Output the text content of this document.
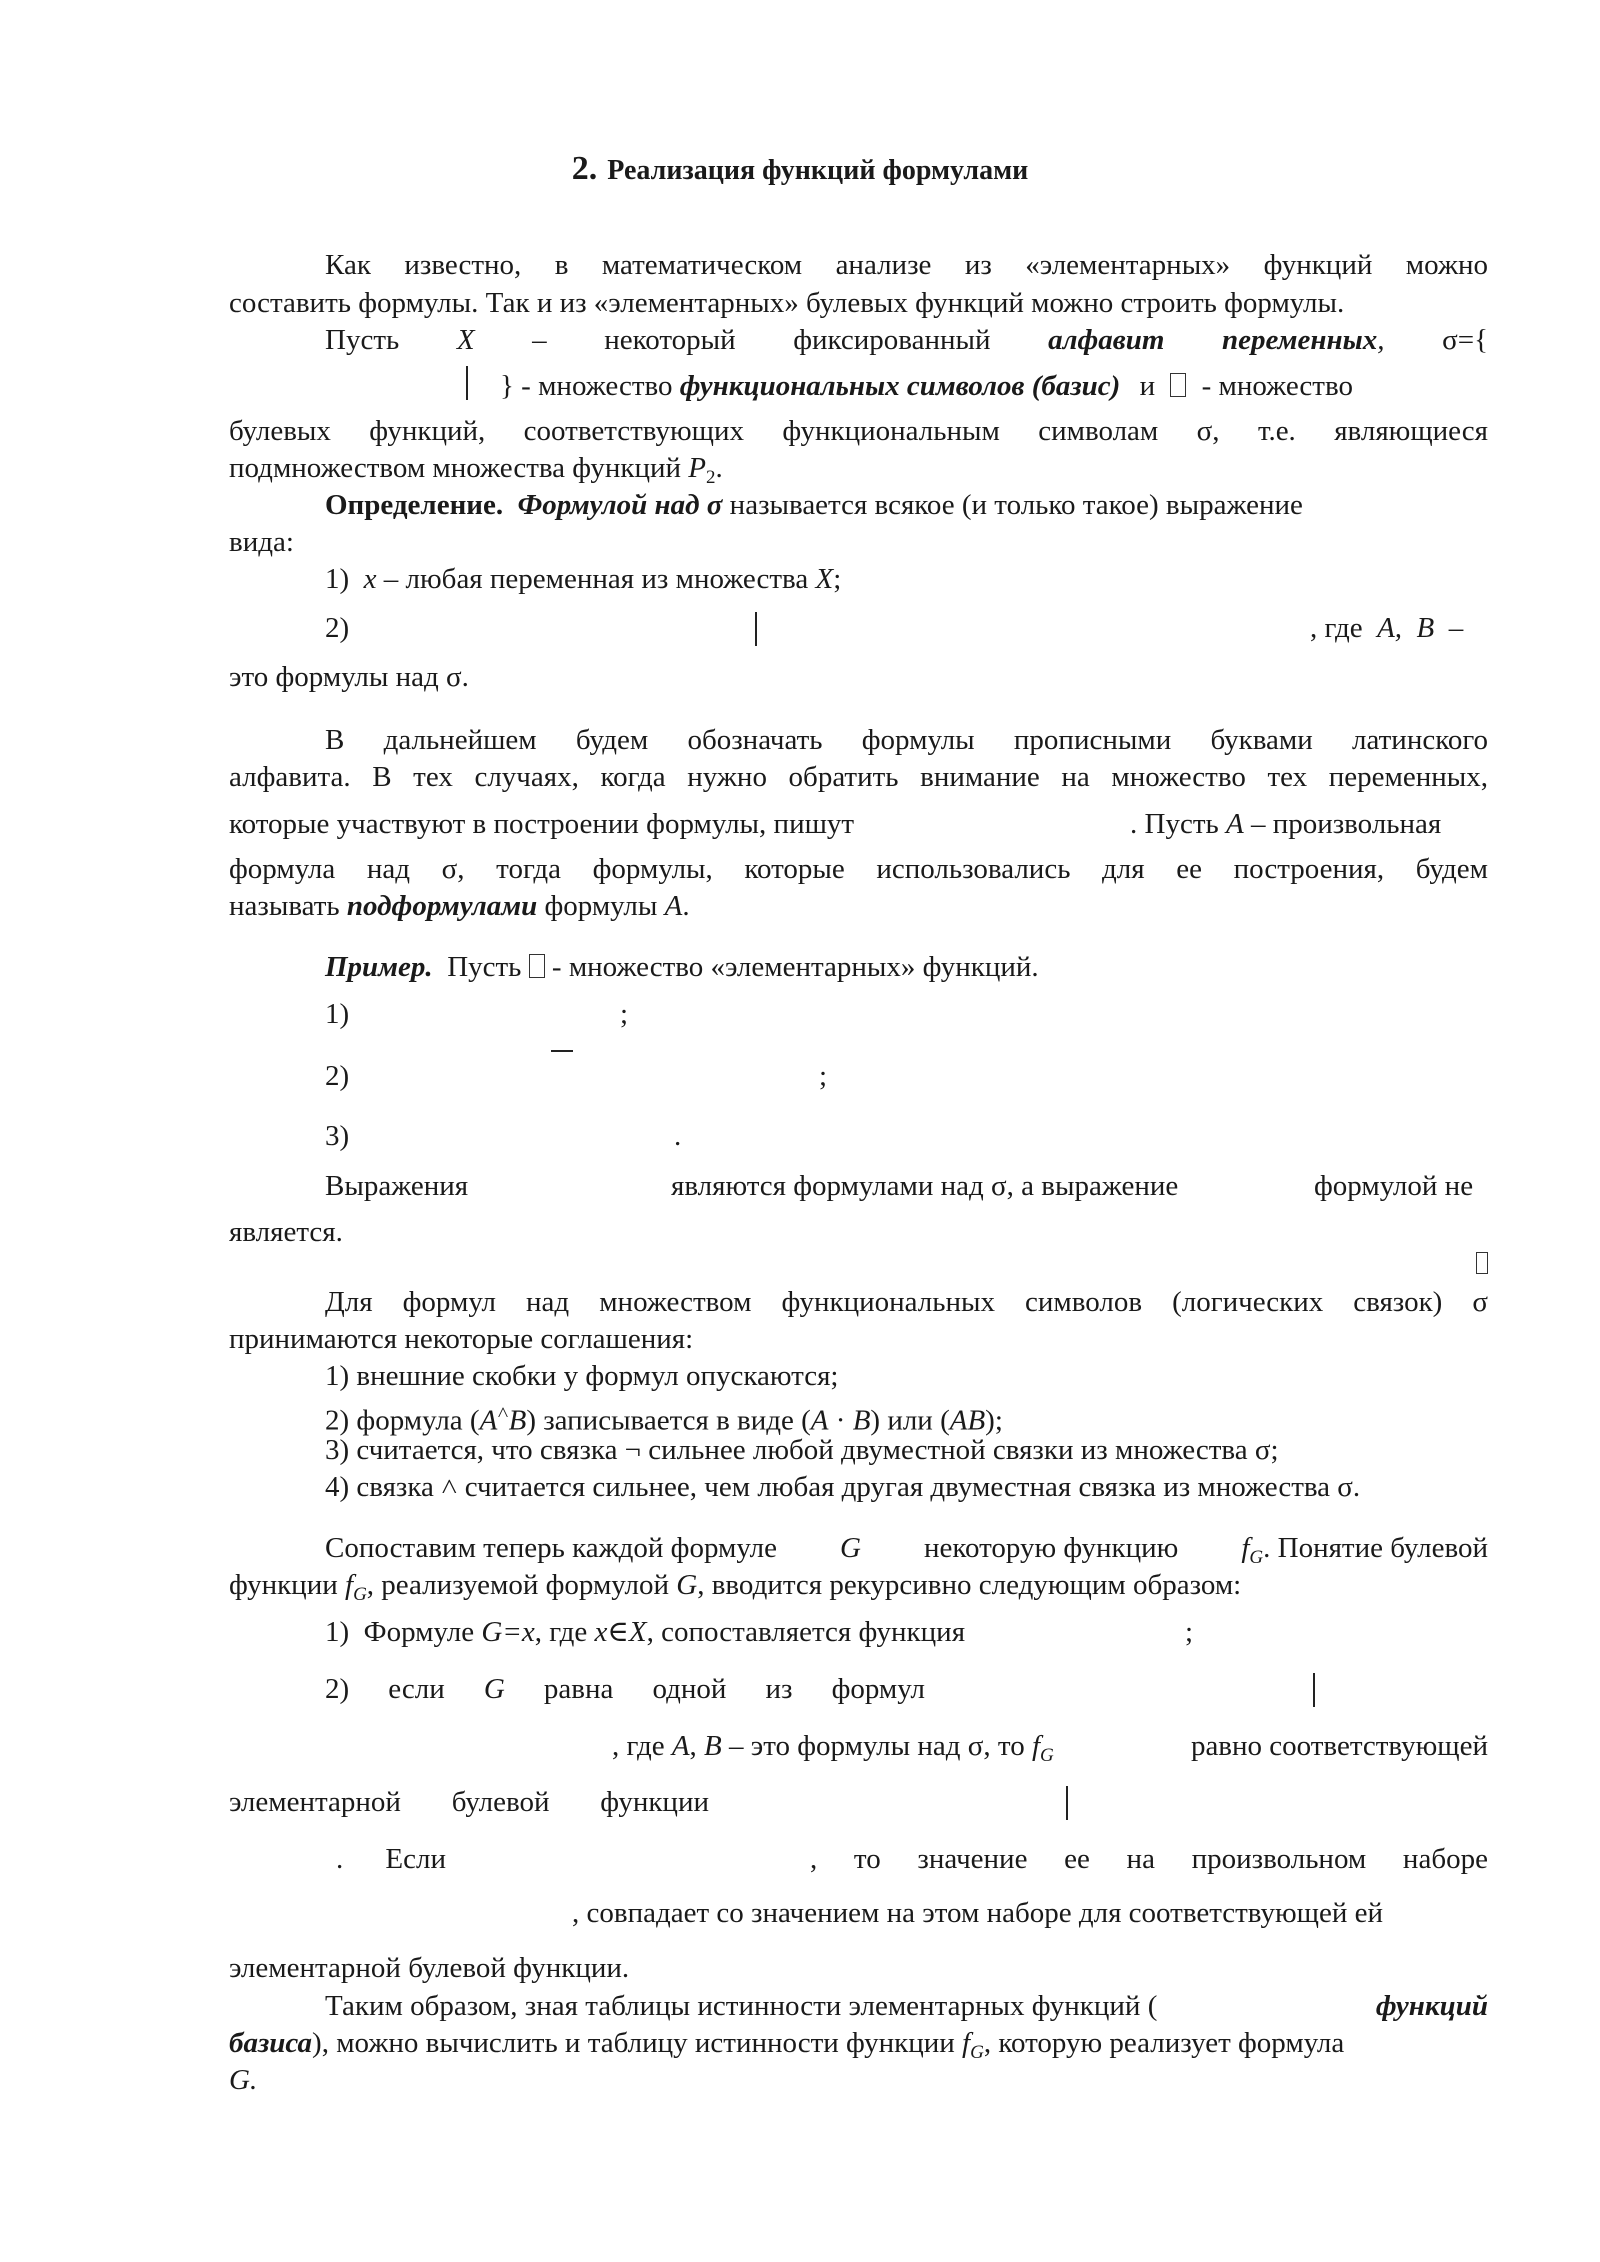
2. Реализация функций формулами
Как известно, в математическом анализе из «элементарных» функций можно
составить формулы. Так и из «элементарных» булевых функций можно строить формулы.
Пусть X – некоторый фиксированный алфавит переменных, σ={
} - множество функциональных символов (базис) и - множество
булевых функций, соответствующих функциональным символам σ, т.е. являющиеся
подмножеством множества функций $P_2$.
Определение. Формулой над σ называется всякое (и только такое) выражение
вида:
1) x – любая переменная из множества X;
2)	, где A, B –
это формулы над σ.
В дальнейшем будем обозначать формулы прописными буквами латинского
алфавита. В тех случаях, когда нужно обратить внимание на множество тех переменных,
которые участвуют в построении формулы, пишут	. Пусть A – произвольная
формула над σ, тогда формулы, которые использовались для ее построения, будем
называть подформулами формулы A.
Пример. Пусть - множество «элементарных» функций.
1)	;
2)	;
3)	.
Выражения	являются формулами над σ, а выражение	формулой не
является.
Для формул над множеством функциональных символов (логических связок) σ
принимаются некоторые соглашения:
1) внешние скобки у формул опускаются;
2) формула (A˄B) записывается в виде (A · B) или (AB);
3) считается, что связка ¬ сильнее любой двуместной связки из множества σ;
4) связка ˄ считается сильнее, чем любая другая двуместная связка из множества σ.
Сопоставим теперь каждой формуле G некоторую функцию $f_G$. Понятие булевой
функции $f_G$, реализуемой формулой G, вводится рекурсивно следующим образом:
1) Формуле G=x, где x∈X, сопоставляется функция	;
2) если G равна одной из формул
, где A, B – это формулы над σ, то $f_G$	равно соответствующей
элементарной булевой функции
. Если	, то значение ее на произвольном наборе
, совпадает со значением на этом наборе для соответствующей ей
элементарной булевой функции.
Таким образом, зная таблицы истинности элементарных функций (	функций
базиса), можно вычислить и таблицу истинности функции $f_G$, которую реализует формула
G.
